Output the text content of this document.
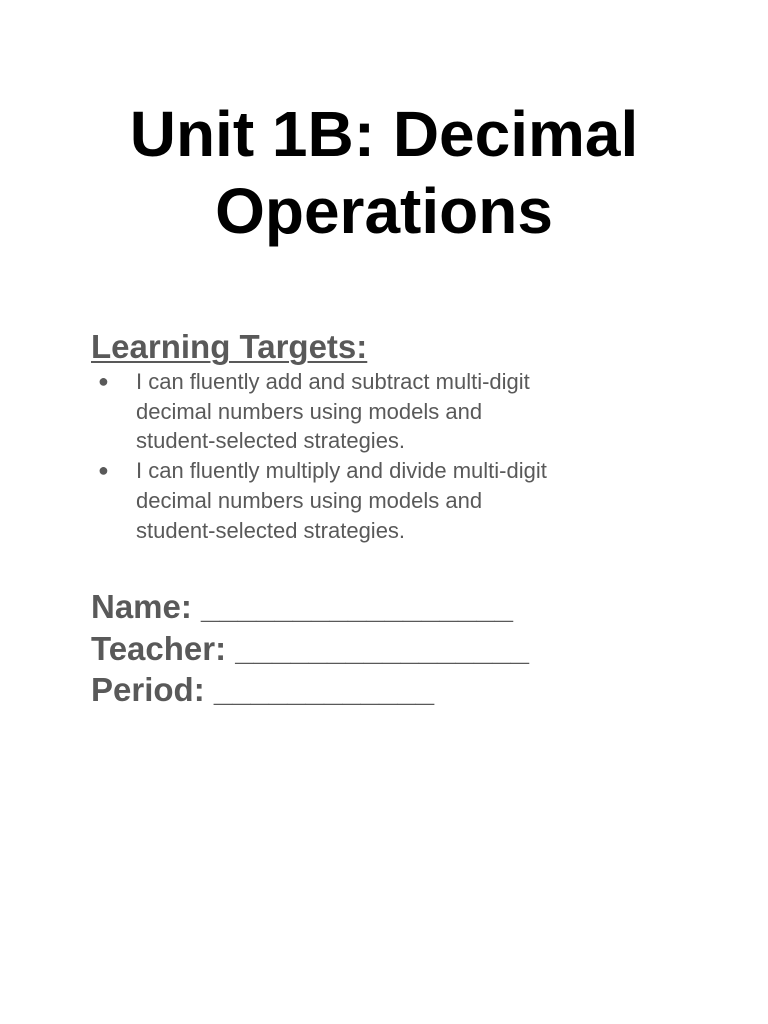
Unit 1B: Decimal
Operations
Learning Targets:
● I can fluently add and subtract multi-digit
decimal numbers using models and
student-selected strategies.
● I can fluently multiply and divide multi-digit
decimal numbers using models and
student-selected strategies.
Name: _________________
Teacher: ________________
Period: ____________
